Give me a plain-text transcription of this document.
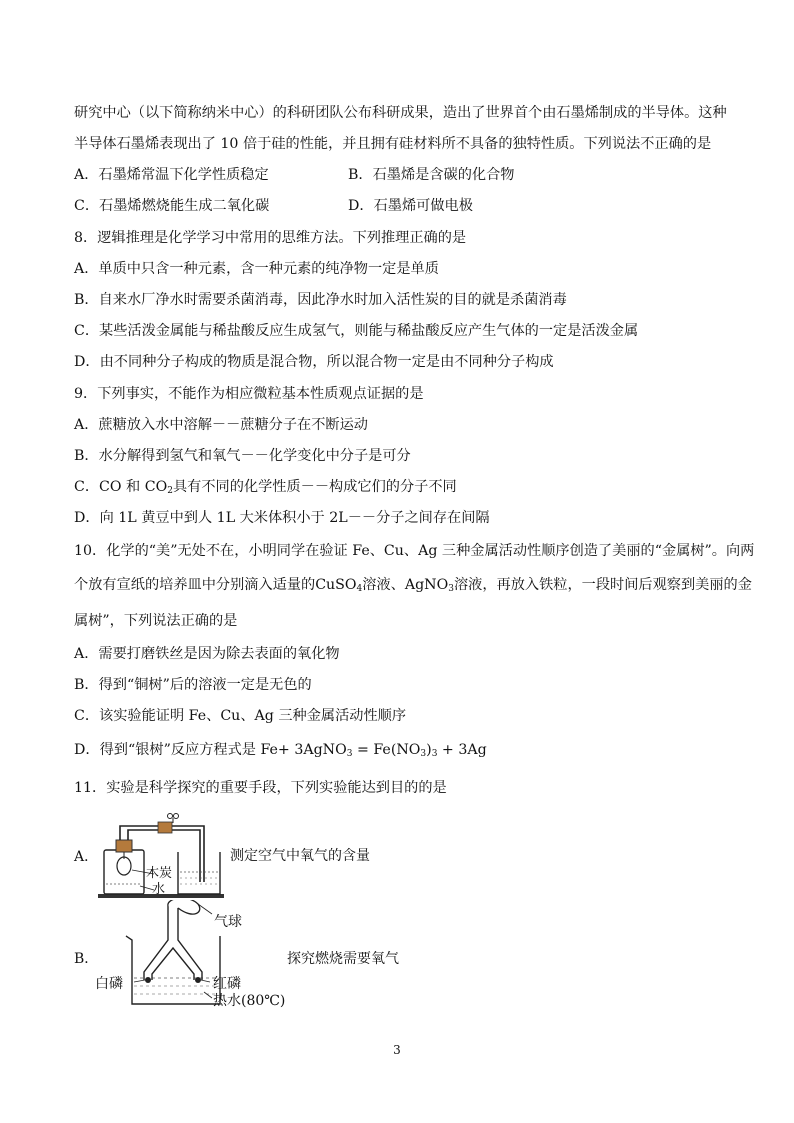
研究中心（以下简称纳米中心）的科研团队公布科研成果，造出了世界首个由石墨烯制成的半导体。这种
半导体石墨烯表现出了 10 倍于硅的性能，并且拥有硅材料所不具备的独特性质。下列说法不正确的是
A．石墨烯常温下化学性质稳定	B．石墨烯是含碳的化合物
C．石墨烯燃烧能生成二氧化碳	D．石墨烯可做电极
8．逻辑推理是化学学习中常用的思维方法。下列推理正确的是
A．单质中只含一种元素，含一种元素的纯净物一定是单质
B．自来水厂净水时需要杀菌消毒，因此净水时加入活性炭的目的就是杀菌消毒
C．某些活泼金属能与稀盐酸反应生成氢气，则能与稀盐酸反应产生气体的一定是活泼金属
D．由不同种分子构成的物质是混合物，所以混合物一定是由不同种分子构成
9．下列事实，不能作为相应微粒基本性质观点证据的是
A．蔗糖放入水中溶解－－蔗糖分子在不断运动
B．水分解得到氢气和氧气－－化学变化中分子是可分
C．CO 和 $CO_2$具有不同的化学性质－－构成它们的分子不同
D．向 1L 黄豆中到人 1L 大米体积小于 2L－－分子之间存在间隔
10．化学的“美”无处不在，小明同学在验证 Fe、Cu、Ag 三种金属活动性顺序创造了美丽的“金属树”。向两
个放有宣纸的培养皿中分别滴入适量的CuSO$_4$溶液、AgNO$_3$溶液，再放入铁粒，一段时间后观察到美丽的金
属树”，下列说法正确的是
A．需要打磨铁丝是因为除去表面的氧化物
B．得到“铜树”后的溶液一定是无色的
C．该实验能证明 Fe、Cu、Ag 三种金属活动性顺序
D．得到“银树”反应方程式是 Fe+ 3AgNO$_3$ = $Fe(NO_3)_3 + 3Ag$
11．实验是科学探究的重要手段，下列实验能达到目的的是
A．
木炭
水
测定空气中氧气的含量
B．
气球
白磷	红磷
热水(80℃)
探究燃烧需要氧气
3
